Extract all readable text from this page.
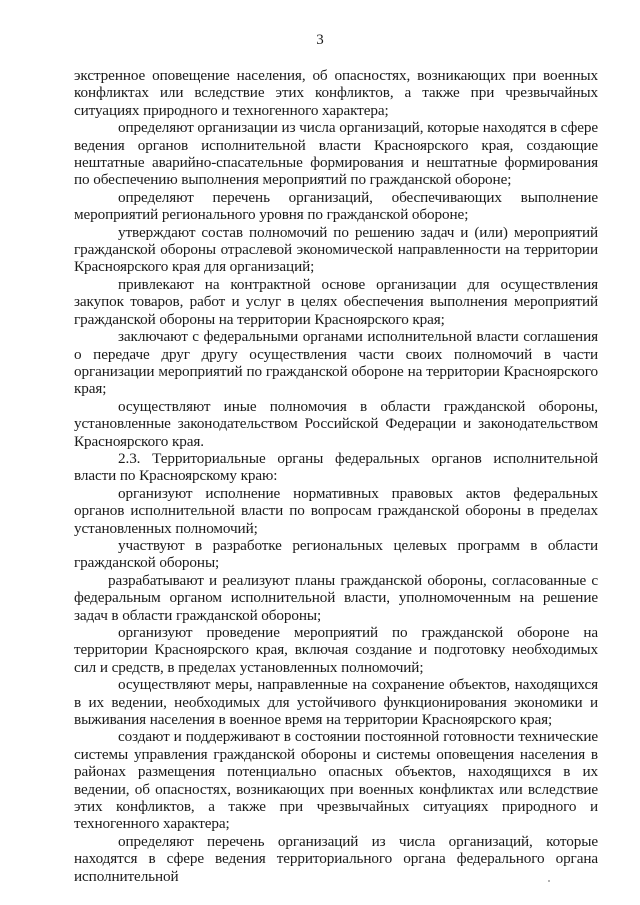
3

экстренное оповещение населения, об опасностях, возникающих при военных конфликтах или вследствие этих конфликтов, а также при чрезвычайных ситуациях природного и техногенного характера;

определяют организации из числа организаций, которые находятся в сфере ведения органов исполнительной власти Красноярского края, создающие нештатные аварийно-спасательные формирования и нештатные формирования по обеспечению выполнения мероприятий по гражданской обороне;

определяют перечень организаций, обеспечивающих выполнение мероприятий регионального уровня по гражданской обороне;

утверждают состав полномочий по решению задач и (или) мероприятий гражданской обороны отраслевой экономической направленности на территории Красноярского края для организаций;

привлекают на контрактной основе организации для осуществления закупок товаров, работ и услуг в целях обеспечения выполнения мероприятий гражданской обороны на территории Красноярского края;

заключают с федеральными органами исполнительной власти соглашения о передаче друг другу осуществления части своих полномочий в части организации мероприятий по гражданской обороне на территории Красноярского края;

осуществляют иные полномочия в области гражданской обороны, установленные законодательством Российской Федерации и законодательством Красноярского края.

2.3. Территориальные органы федеральных органов исполнительной власти по Красноярскому краю:

организуют исполнение нормативных правовых актов федеральных органов исполнительной власти по вопросам гражданской обороны в пределах установленных полномочий;

участвуют в разработке региональных целевых программ в области гражданской обороны;

разрабатывают и реализуют планы гражданской обороны, согласованные с федеральным органом исполнительной власти, уполномоченным на решение задач в области гражданской обороны;

организуют проведение мероприятий по гражданской обороне на территории Красноярского края, включая создание и подготовку необходимых сил и средств, в пределах установленных полномочий;

осуществляют меры, направленные на сохранение объектов, находящихся в их ведении, необходимых для устойчивого функционирования экономики и выживания населения в военное время на территории Красноярского края;

создают и поддерживают в состоянии постоянной готовности технические системы управления гражданской обороны и системы оповещения населения в районах размещения потенциально опасных объектов, находящихся в их ведении, об опасностях, возникающих при военных конфликтах или вследствие этих конфликтов, а также при чрезвычайных ситуациях природного и техногенного характера;

определяют перечень организаций из числа организаций, которые находятся в сфере ведения территориального органа федерального органа исполнительной
